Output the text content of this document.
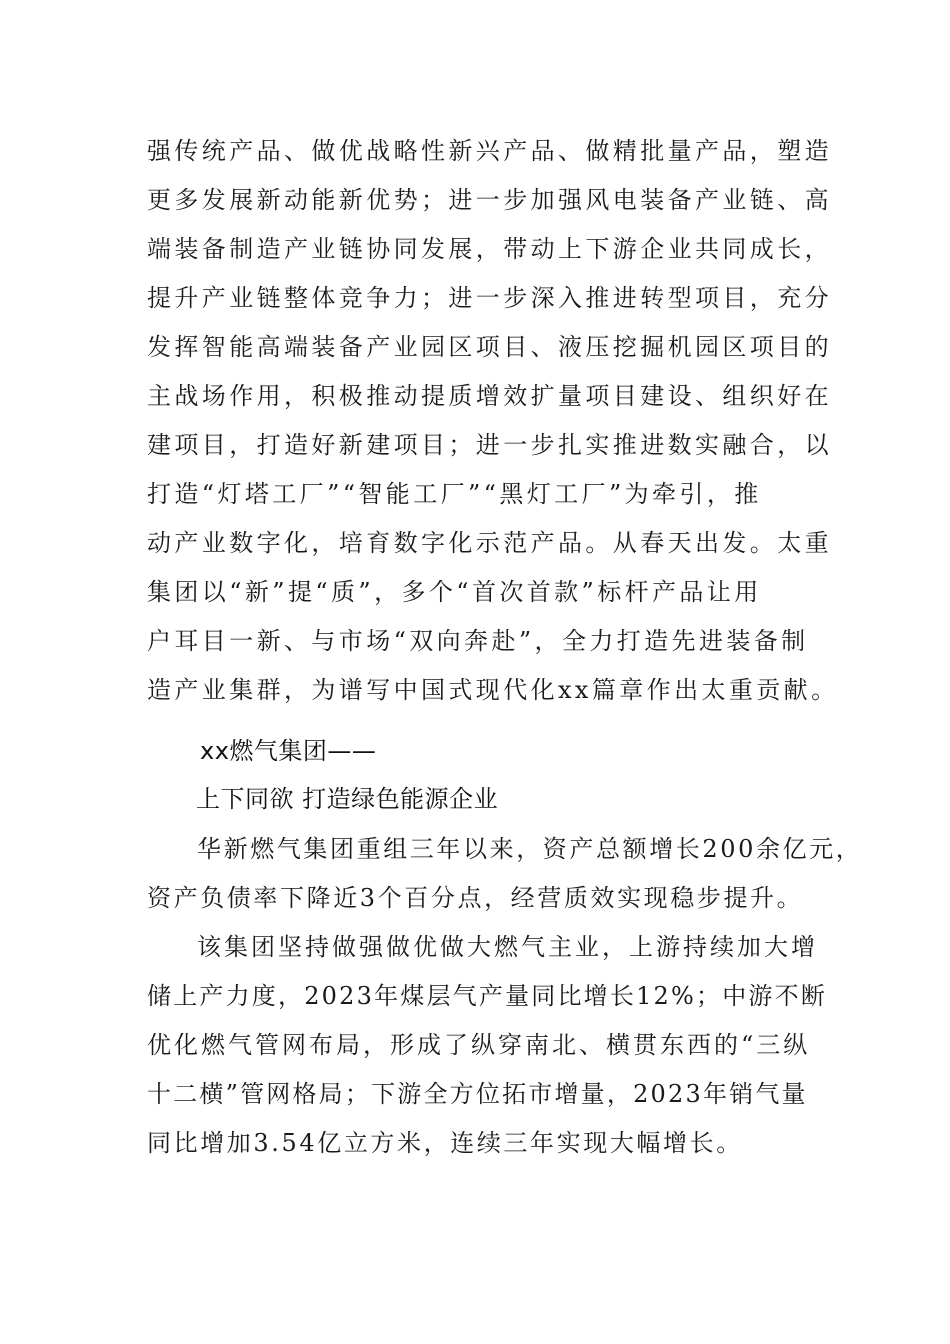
强传统产品、做优战略性新兴产品、做精批量产品，塑造
更多发展新动能新优势；进一步加强风电装备产业链、高
端装备制造产业链协同发展，带动上下游企业共同成长，
提升产业链整体竞争力；进一步深入推进转型项目，充分
发挥智能高端装备产业园区项目、液压挖掘机园区项目的
主战场作用，积极推动提质增效扩量项目建设、组织好在
建项目，打造好新建项目；进一步扎实推进数实融合，以
打造“灯塔工厂”“智能工厂”“黑灯工厂”为牵引，推
动产业数字化，培育数字化示范产品。从春天出发。太重
集团以“新”提“质”，多个“首次首款”标杆产品让用
户耳目一新、与市场“双向奔赴”，全力打造先进装备制
造产业集群，为谱写中国式现代化xx篇章作出太重贡献。
xx燃气集团——
上下同欲 打造绿色能源企业
华新燃气集团重组三年以来，资产总额增长200余亿元，
资产负债率下降近3个百分点，经营质效实现稳步提升。
该集团坚持做强做优做大燃气主业，上游持续加大增
储上产力度，2023年煤层气产量同比增长12%；中游不断
优化燃气管网布局，形成了纵穿南北、横贯东西的“三纵
十二横”管网格局；下游全方位拓市增量，2023年销气量
同比增加3.54亿立方米，连续三年实现大幅增长。
